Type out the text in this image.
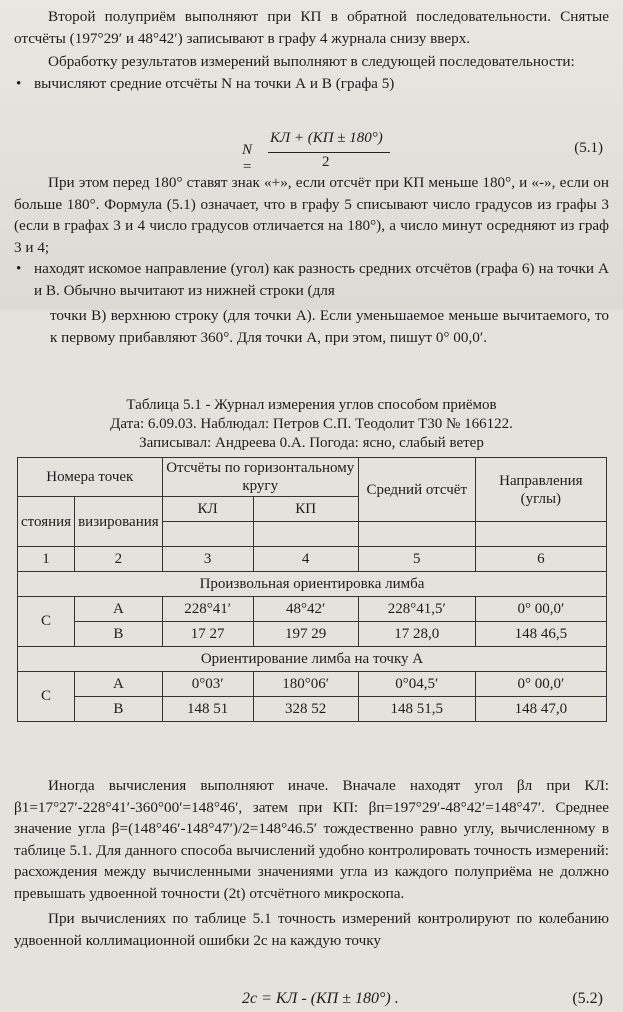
Второй полуприём выполняют при КП в обратной последовательности. Снятые отсчёты (197°29′ и 48°42′) записывают в графу 4 журнала снизу вверх.

Обработку результатов измерений выполняют в следующей последовательности:

• вычисляют средние отсчёты N на точки А и В (графа 5)

N =
КЛ + (КП ± 180°)
2
(5.1)

При этом перед 180° ставят знак «+», если отсчёт при КП меньше 180°, и «-», если он больше 180°. Формула (5.1) означает, что в графу 5 списывают число градусов из графы 3 (если в графах 3 и 4 число градусов отличается на 180°), а число минут осредняют из граф 3 и 4;

• находят искомое направление (угол) как разность средних отсчётов (графа 6) на точки А и В. Обычно вычитают из нижней строки (для

точки В) верхнюю строку (для точки А). Если уменьшаемое меньше вычитаемого, то к первому прибавляют 360°. Для точки А, при этом, пишут 0° 00,0′.

Таблица 5.1 - Журнал измерения углов способом приёмов
Дата: 6.09.03. Наблюдал: Петров С.П. Теодолит Т30 № 166122.
Записывал: Андреева 0.А. Погода: ясно, слабый ветер
Номера точек		Отсчёты по горизонтальному кругу		Средний отсчёт	Направления (углы)
стояния	визирования	КЛ	КП		

1	2	3	4	5	6
Произвольная ориентировка лимба					
С	А	228°41′	48°42′	228°41,5′	0° 00,0′
	В	17 27	197 29	17 28,0	148 46,5
Ориентирование лимба на точку А					
С	А	0°03′	180°06′	0°04,5′	0° 00,0′
	В	148 51	328 52	148 51,5	148 47,0

Иногда вычисления выполняют иначе. Вначале находят угол βл при КЛ: β1=17°27′-228°41′-360°00′=148°46′, затем при КП: βп=197°29′-48°42′=148°47′. Среднее значение угла β=(148°46′-148°47′)/2=148°46.5′ тождественно равно углу, вычисленному в таблице 5.1. Для данного способа вычислений удобно контролировать точность измерений: расхождения между вычисленными значениями угла из каждого полуприёма не должно превышать удвоенной точности (2t) отсчётного микроскопа.

При вычислениях по таблице 5.1 точность измерений контролируют по колебанию удвоенной коллимационной ошибки 2с на каждую точку

2с = КЛ - (КП ± 180°) .	(5.2)
